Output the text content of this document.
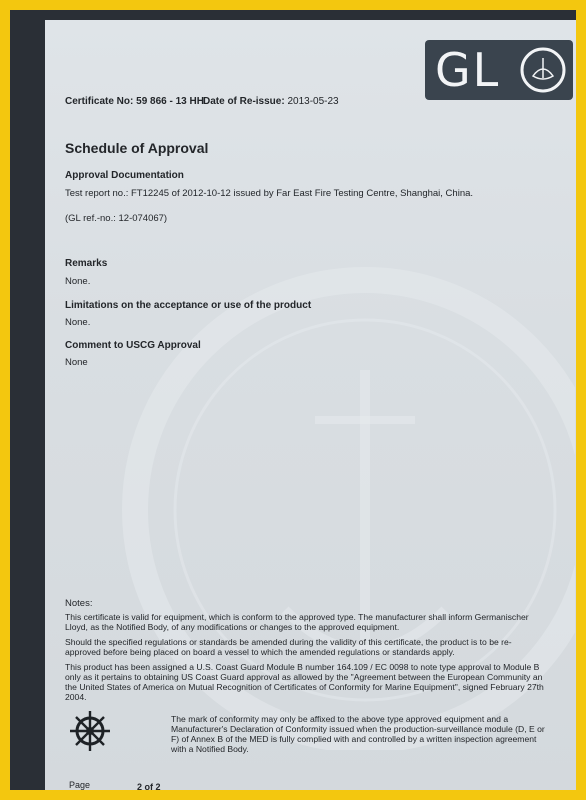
GL
Certificate No: 59 866 - 13 HH Date of Re-issue: 2013-05-23
Schedule of Approval
Approval Documentation
Test report no.: FT12245 of 2012-10-12 issued by Far East Fire Testing Centre, Shanghai, China.
(GL ref.-no.: 12-074067)
Remarks
None.
Limitations on the acceptance or use of the product
None.
Comment to USCG Approval
None
Notes:
This certificate is valid for equipment, which is conform to the approved type. The manufacturer shall inform Germanischer Lloyd, as the Notified Body, of any modifications or changes to the approved equipment.
Should the specified regulations or standards be amended during the validity of this certificate, the product is to be re-approved before being placed on board a vessel to which the amended regulations or standards apply.
This product has been assigned a U.S. Coast Guard Module B number 164.109 / EC 0098 to note type approval to Module B only as it pertains to obtaining US Coast Guard approval as allowed by the "Agreement between the European Community an the United States of America on Mutual Recognition of Certificates of Conformity for Marine Equipment", signed February 27th 2004.
The mark of conformity may only be affixed to the above type approved equipment and a Manufacturer's Declaration of Conformity issued when the production-surveillance module (D, E or F) of Annex B of the MED is fully complied with and controlled by a written inspection agreement with a Notified Body.
Page	2 of 2
